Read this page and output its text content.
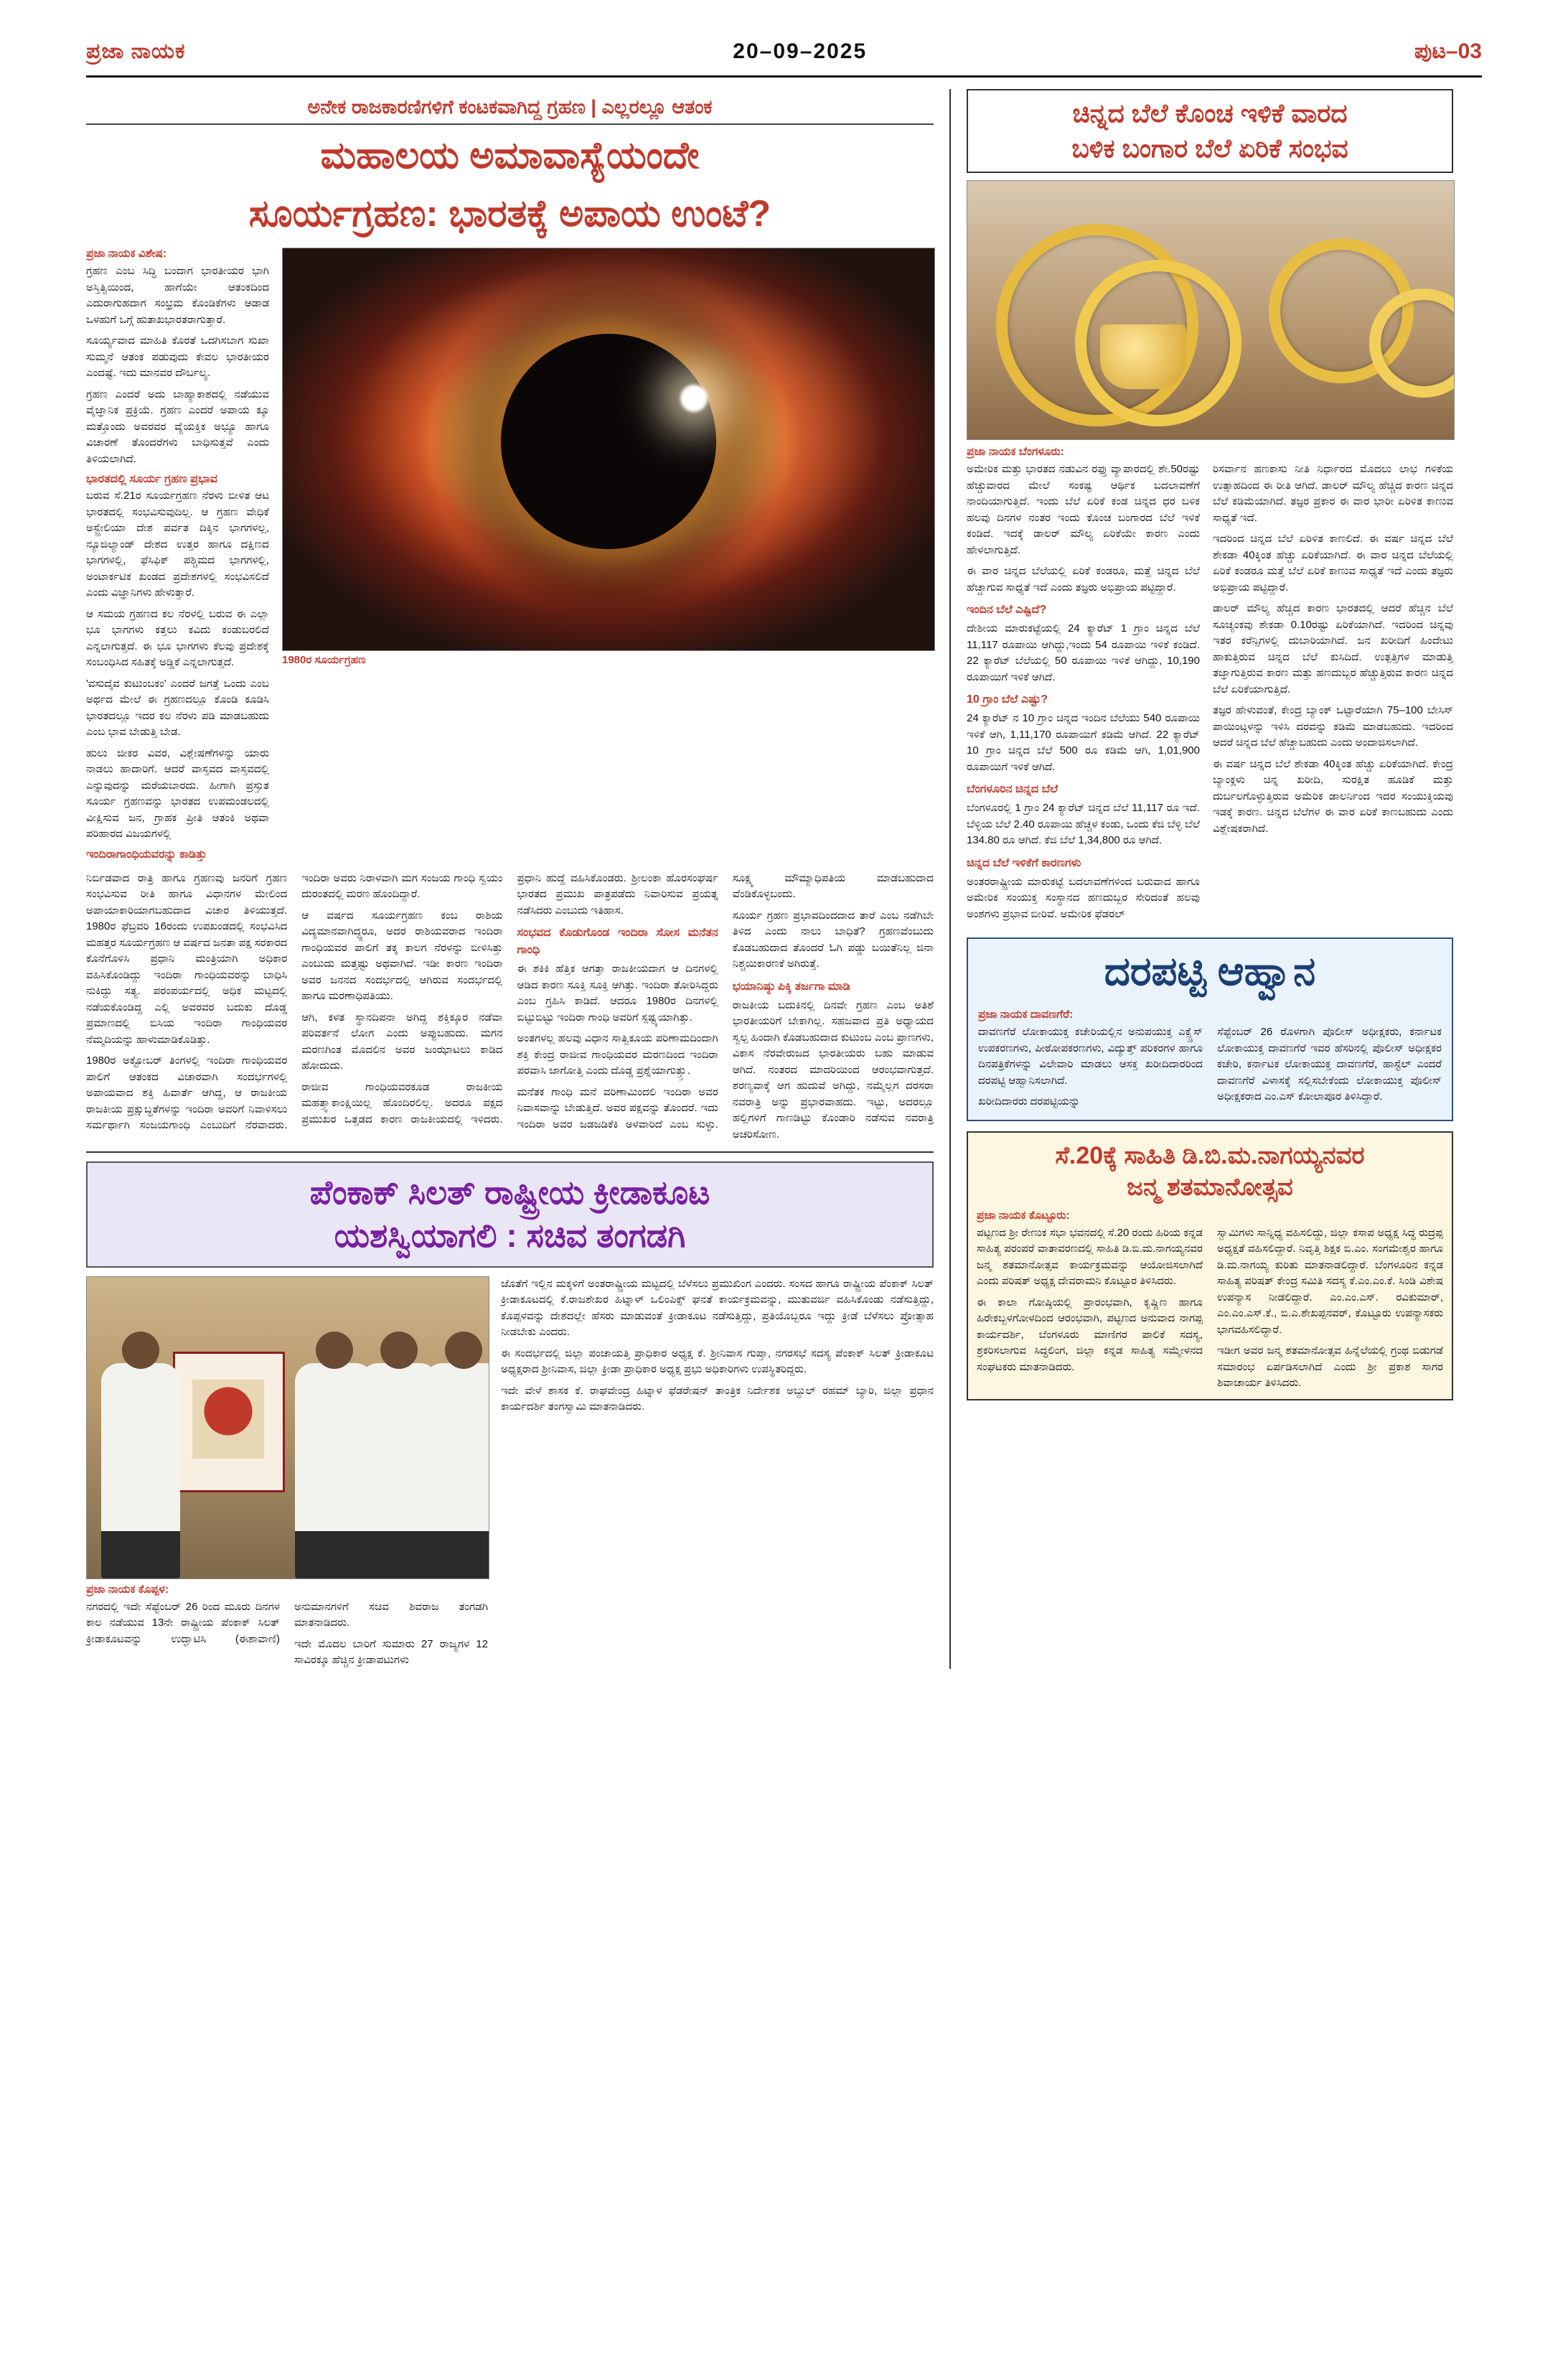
ಪ್ರಜಾ ನಾಯಕ	20–09–2025	ಪುಟ–03
ಅನೇಕ ರಾಜಕಾರಣಿಗಳಿಗೆ ಕಂಟಕವಾಗಿದ್ದ ಗ್ರಹಣ | ಎಲ್ಲರಲ್ಲೂ ಆತಂಕ
ಮಹಾಲಯ ಅಮಾವಾಸ್ಯೆಯಂದೇ
ಸೂರ್ಯಗ್ರಹಣ: ಭಾರತಕ್ಕೆ ಅಪಾಯ ಉಂಟೆ?
ಪ್ರಜಾ ನಾಯಕ ವಿಶೇಷ:

ಗ್ರಹಣ ಎಂಬ ಸಿದ್ಧಿ ಬಂದಾಗ ಭಾರತೀಯರ ಭಾಗಿ ಅಸ್ತಿತ್ವಿಯಿಂದ, ಹಾಗೆಯೇ ಆತಂಕದಿಂದ ಎದುರಾಗುಹದಾಗ ಸಂಭ್ರಮ ಕೊಂಡಿಕೆಗಳು ಆಡಾಡ ಒಳಹುಗೆ ಒಗ್ಗೆ ಹುತಾಖಭಾರತರಾಗುತ್ತಾರೆ.

ಸೂರ್ಯ್ಯವಾದ ಮಾಹಿತಿ ಕೊರತೆ ಒದಗಿಸಬಾಗ ಸುಖಾ ಸುಮ್ಮನೆ ಆತಂಕ ಪಡುವುದು ಕೇವಲ ಭಾರತೀಯರ ಎಂದಷ್ಟೆ. ಇದು ಮಾನವರ ದೌರ್ಬಲ್ಯ.

ಗ್ರಹಣ ಎಂದರೆ ಅದು ಬಾಹ್ಯಾಕಾಶದಲ್ಲಿ ನಡೆಯುವ ವೈಜ್ಞಾನಿಕ ಪ್ರಕ್ರಿಯೆ. ಗ್ರಹಣ ಎಂದರೆ ಅಪಾಯ ಕ್ಕೂ ಮತ್ತೊಂದು ಅವರವರ ವ್ಯೆಯಕ್ತಿಕ ಅಭ್ಯೂ ಹಾಗೂ ವಿಚಾರಣೆ ತೊಂದರೆಗಳು ಬಾಧಿಸುತ್ತವೆ ಎಂದು ತಿಳಿಯಲಾಗಿದೆ.

ಭಾರತದಲ್ಲಿ ಸೂರ್ಯ ಗ್ರಹಣ ಪ್ರಭಾವ

ಬರುವ ಸೆ.21ರ ಸೂರ್ಯಗ್ರಹಣ ನೆರಳು ಬೀಳಿತ ಆಟ ಭಾರತದಲ್ಲಿ ಸಂಭವಿಸುವುದಿಲ್ಲ. ಆ ಗ್ರಹಣ ವೇಧಿಕೆ ಅಸ್ಟ್ರೇಲಿಯಾ ದೇಶ ಪರ್ವತ ದಿಕ್ಕಿನ ಭಾಗಗಳಲ್ಲ, ನ್ಯೂಜಿಲ್ಯಾಂಡ್ ದೇಶದ ಉತ್ತರ ಹಾಗೂ ದಕ್ಷಿಣದ ಭಾಗಗಳಲ್ಲಿ, ಫೆಸಿಫಿಕ್ ಪಶ್ಚಿಮದ ಭಾಗಗಳಲ್ಲಿ, ಅಂಟಾರ್ಕಟಿಕ ಖಂಡದ ಪ್ರದೇಶಗಳಲ್ಲಿ ಸಂಭವಿಸಲಿದೆ ಎಂದು ವಿಜ್ಞಾನಿಗಳು ಹೇಳುತ್ತಾರೆ.

ಆ ಸಮಯ ಗ್ರಹಣದ ಕಲ ನೆರಳಲ್ಲಿ ಬರುವ ಈ ಎಲ್ಲಾ ಭೂ ಭಾಗಗಳು ಕತ್ತಲು ಕವಿದು ಕಂಡುಬರಲಿದೆ ಎನ್ನಲಾಗುತ್ತದೆ. ಈ ಭೂ ಭಾಗಗಳು ಕೆಲವು ಪ್ರದೇಶಕ್ಕೆ ಸಂಬಂಧಿಸಿದ ಸಹಿತಕ್ಕೆ ಅಡ್ಡಿಕೆ ಎನ್ನಲಾಗುತ್ತದೆ.

'ವಸುದೈವ ಕುಟುಂಬಕಂ' ಎಂದರೆ ಜಗತ್ತೆ ಒಂದು ಎಂಬ ಅರ್ಥದ ಮೇಲೆ ಈ ಗ್ರಹಣದಲ್ಲೂ ಕೊಂಡಿ ಕೂಡಿಸಿ ಭಾರತದಲ್ಲೂ ಇದರ ಕಲ ನೆರಳು ಪಡಿ ಮಾಡಬಹುದು ಎಂಬ ಭಾವ ಬೇಡುತ್ತಿ ಬೇಡ.

ಹುಲು ಜೀಕರ ವಿವರ, ವಿಶ್ಲೇಷಣೆಗಳನ್ನು ಯಾರು ನಾಡಲು ಹಾದಾರಿಗೆ. ಆದರೆ ವಾಸ್ತವದ ವಾಸ್ತವದಲ್ಲಿ ಎನ್ನುವುದನ್ನು ಮರೆಯಬಾರದು. ಹೀಗಾಗಿ ಪ್ರಸ್ತುತ ಸೂರ್ಯ ಗ್ರಹಣವನ್ನು ಭಾರತದ ಉಪಮಂಡಲದಲ್ಲಿ ವೀಕ್ಷಿಸುವ ಜನ, ಗ್ರಾಹಕ ಪ್ರೀತಿ ಆತಂಕಿ ಅಥವಾ ಪರಿಹಾರದ ವಿಜಯಗಳಲ್ಲಿ

ಇಂದಿರಾಗಾಂಧಿಯವರನ್ನು ಕಾಡಿತ್ತು
1980ರ ಸೂರ್ಯಗ್ರಹಣ

ನಿರ್ಬಿಡವಾದ ರಾತ್ರಿ ಹಾಗೂ ಗ್ರಹಣವು ಜನರಿಗೆ ಗ್ರಹಣ ಸಂಭವಿಸುವ ರೀತಿ ಹಾಗೂ ವಿಧಾನಗಳ ಮೇಲಿಂದ ಅಪಾಯಾಕಾರಿಯಾಗಬಹುದಾದ ವಿಚಾರ ತಿಳಿಯುತ್ತದೆ. 1980ರ ಫೆಬ್ರವರಿ 16ರಂದು ಉಪಖಂಡದಲ್ಲಿ ಸಂಭವಿಸಿದ ಮಹತ್ತರ ಸೂರ್ಯಗ್ರಹಣ ಆ ವರ್ಷದ ಜನತಾ ಪಕ್ಷ ಸರಕಾರದ ಕೊನೆಗೊಳಿಸಿ ಪ್ರಧಾನಿ ಮಂತ್ರಿಯಾಗಿ ಅಧಿಕಾರ ವಹಿಸಿಕೊಂಡಿದ್ದು ಇಂದಿರಾ ಗಾಂಧಿಯವರನ್ನು ಬಾಧಿಸಿ ನುಕಿದ್ದು ಸತ್ಯ. ಪರಂಪರ್ಯದಲ್ಲಿ ಅಧಿಕ ಮಟ್ಟದಲ್ಲಿ ನಡೆಯಕೊಂಡಿದ್ದ ಎಲ್ಲಿ ಅವರವರ ಬದುಕು ದೊಡ್ಡ ಪ್ರಮಾಣದಲ್ಲಿ ಬಿಸಿಯ ಇಂದಿರಾ ಗಾಂಧಿಯವರ ನೆಮ್ಮದಿಯನ್ನು ಹಾಳುಮಾಡಿಕೊಡಿತ್ತು.

1980ರ ಅಕ್ಟೋಬರ್ ತಿಂಗಳಲ್ಲಿ ಇಂದಿರಾ ಗಾಂಧಿಯವರ ಪಾಲಿಗೆ ಆತಂಕದ ವಿಚಾರವಾಗಿ ಸಂದರ್ಭಗಳಲ್ಲಿ ಅಪಾಯವಾದ ಶಕ್ತಿ ಹಿವಾರ್ತೆ ಆಗಿದ್ದ, ಆ ರಾಜಕೀಯ ರಾಜಕೀಯ ಪ್ರಕ್ಷುಬ್ಧತೆಗಳನ್ನು ಇಂದಿರಾ ಅವರಿಗೆ ನಿವಾಳಿಸಲು ಸರ್ಮರ್ಥಾಗಿ ಸಂಜಯಗಾಂಧಿ ಎಂಬುದಿಗೆ ನೆರವಾದರು. ಇಂದಿರಾ ಅವರು ನಿರಾಳವಾಗಿ ಮಗ ಸಂಜಯ ಗಾಂಧಿ ಸ್ವಯಂ ದುರಂತದಲ್ಲಿ ಮರಣ ಹೊಂದಿದ್ದಾರೆ.

ಆ ವರ್ಷದ ಸೂರ್ಯಗ್ರಹಣ ಕಂಬ ರಾಶಿಯ ವಿದ್ಯಮಾನವಾಗಿದ್ದ್ದರೂ, ಅದರ ರಾಶಿಯವರಾದ ಇಂದಿರಾ ಗಾಂಧಿಯವರ ಪಾಲಿಗೆ ತಕ್ಕ ಕಾಲಗ ನೆರಳನ್ನು ಬೀಳಿಸಿತ್ತು ಎಂಬುದು ಮತ್ತಷ್ಟು ಅಥವಾಗಿದೆ. ಇಡೀ ಕಾರಣ ಇಂದಿರಾ ಅವರ ಜನನದ ಸಂದರ್ಭದಲ್ಲಿ ಆಗಿರುವ ಸಂದರ್ಭದಲ್ಲಿ ಹಾಗೂ ಮರಣಾಧಿಪತಿಯು.

ಆಗಿ, ಕಳತ ಸ್ಥಾನದಿಪನಾ ಅಗಿದ್ದ ಶಕ್ತಿಕ್ಕೂರ ನಡೆವಾ ಪರಿವರ್ತನೆ ಲೋಗ ಎಂದು ಅಪ್ಪುಬಹುದು. ಮಗನ ಮರಣಗಿಂತ ಮೊದಲಿನ ಅವರ ಜಂಝಾಟಲು ಕಾಡಿದ ಹೋದುದು.

ರಾಜೀವ ಗಾಂಧಿಯವರಕೂಡ ರಾಜಕೀಯ ಮಹತ್ತ್ವಾಕಾಂಕ್ಷಿಯಿಲ್ಲ ಹೊಂದಿರಲಿಲ್ಲ. ಅದರೂ ಪಕ್ಷದ ಪ್ರಮುಖರ ಒತ್ತಡದ ಕಾರಣ ರಾಜಕೀಯದಲ್ಲಿ ಇಳಿದರು. ಪ್ರಧಾನಿ ಹುದ್ದೆ ವಹಿಸಿಕೊಂಡರು. ಶ್ರೀಲಂಕಾ ಹೊರಸಂಘರ್ಷ ಭಾರತದ ಪ್ರಮುಖ ಪಾತ್ರಪಡೆದು ನಿವಾರಿಸುವ ಪ್ರಯತ್ನ ನಡೆಸಿದರು ಎಂಬುದು ಇತಿಹಾಸ.

ಸಂಭವದ ಕೊಡುಗೊಂಡ ಇಂದಿರಾ ಸೋಸ ಮನೆತನ ಗಾಂಧಿ

ಈ ಶಕಿಕಿ ಹೆತ್ತಿಕ ಆಗತ್ತಾ ರಾಜಕೀಯದಾಗ ಆ ದಿನಗಳಲ್ಲಿ ಆಡಿದ ಕಾರಣ ಸೂಕ್ತಿ ಸೂಕ್ತಿ ಆಗಿತ್ತು. ಇಂದಿರಾ ತೋರಿಸಿದ್ದರು ಎಂಬ ಗ್ರಹಿಸಿ ಕಾಡಿದೆ. ಆದರೂ 1980ರ ದಿನಗಳಲ್ಲಿ ಬಿಟ್ಟುಬಿಟ್ಟು ಇಂದಿರಾ ಗಾಂಧಿ ಅವರಿಗೆ ಸ್ಪಷ್ಟ್ಯಯಾಗಿತ್ತು.

ಅಂತಗಳಲ್ಲ ಹಲವು ವಿಧಾನ ಸಾತ್ವಿಕೂಯ ಪರಿಣಾಮದಿಂದಾಗಿ ಶಕ್ತಿ ಕೇಂದ್ರ ರಾಜೀವ ಗಾಂಧಿಯವರ ಮರಣದಿಂದ ಇಂದಿರಾ ಪರವಾಸಿ ಜಾಗೋತ್ತಿ ಎಂದು ದೊಡ್ಡ ಪ್ರಶ್ನೆಯಾಗುತ್ತ್ತು.

ಮನೆತಕ ಗಾಂಧಿ ಮನೆ ವರಿಣಾಮಿಂದಲಿ ಇಂದಿರಾ ಅವರ ನಿವಾಸವಾನ್ನು ಬೇಡುತ್ತಿದೆ. ಅವರ ಪಕ್ಷವನ್ನು ತೊಂದರೆ. ಇದು ಇಂದಿರಾ ಅವರ ಜಡಜಡಿಕೆಕಿ ಅಳವಾರಿದೆ ಎಂಬ ಸುಳ್ಳು. ಸೂಕ್ಷ್ಮ ಮೌಮ್ಯಾಧಿಪತಿಯ ಮಾಡಬಹುದಾದ ವೆಂಡಿಕೊಳ್ಳಬಂದು.

ಸೂರ್ಯ ಗ್ರಹಣ ಪ್ರಭಾವದಿಂದದಾದ ತಾರೆ ಎಂಬ ನಡೆಗಿಬೇ ತಿಳಿದ ಎಂದು ನಾಲು ಬಾಧಿತೆ? ಗ್ರಹಣವೆಂಬುದು ಕೊಡಬಹುದಾದ ತೊಂದರೆ ಓಗಿ ಪಡ್ಡು ಬಯಿತೆನಿಲ್ಲ ಜಿನಾ ನಿಶ್ಚಯಿಕಾರಣಕೆ ಅಗಿರುತ್ತೆ.

ಭಯಾನಿಷ್ಠು ಪಿಕ್ಕಿ ತರ್ಜಗಾ ಮಾಡಿ

ರಾಜಕೀಯ ಬದುಕಿನಲ್ಲಿ ದಿನವೇ ಗ್ರಹಣ ಎಂಬ ಅತಿಶೆ ಭಾರತೀಯರಿಗೆ ಬೇಕಾಗಿಲ್ಲ. ಸಹಜವಾದ ಪ್ರತಿ ಅಧ್ಯಾಯದ ಸ್ವಲ್ಪ ಹಿಂದಾಗಿ ಕೊಡಬಹುದಾದ ಕುಟುಂಬ ಎಂಬ ಪ್ರಾಣಗಳು, ವಿಕಾಸ ನೆರವೇರುಜದ ಭಾರತೀಯರು ಬಹು ಮಾಡುವ ಆಗಿದೆ. ನಂತರದ ಮಾದರಿಯಿಂದ ಆರಂಭವಾಗುತ್ತದೆ. ಶರಣ್ಯವಾಕ್ಕೆ ಆಗ ಹುದುವೆ ಅಗಿದ್ದು, ನಮ್ಮೆಲ್ಲಗ ದರಸರಾ ನವರಾತ್ರಿ ಅನ್ನು ಪ್ರಭಾರವಾಹದು. ಇಟ್ಟು, ಅದರಲ್ಲೂ ಹಲ್ಲಿಗಳಿಗೆ ಗಾಣಡಿಟ್ಟು ಕೊಂಡಾರಿ ನಡೆಸುವ ನವರಾತ್ರಿ ಅಚರಿಸೋಣ.

ಪೆಂಕಾಕ್ ಸಿಲತ್ ರಾಷ್ಟ್ರೀಯ ಕ್ರೀಡಾಕೂಟ
ಯಶಸ್ವಿಯಾಗಲಿ : ಸಚಿವ ತಂಗಡಗಿ
ಪ್ರಜಾ ನಾಯಕ ಕೊಪ್ಪಳ:

ನಗರದಲ್ಲಿ ಇದೇ ಸೆಪ್ಟೆಂಬರ್ 26 ರಿಂದ ಮೂರು ದಿನಗಳ ಕಾಲ ನಡೆಯುವ 13ನೇ ರಾಷ್ಟ್ರೀಯ ಪೆಂಕಾಕ್ ಸಿಲತ್ ಕ್ರೀಡಾಕೂಟವನ್ನು ಉದ್ಘಾಟಿಸಿ (ಈಶಾವಾಣಿ) ಅನುಮಾನಗಳಿಗೆ ಸಚಿವ ಶಿವರಾಜ ತಂಗಡಗಿ ಮಾತನಾಡಿದರು.

ಇದೇ ಮೊದಲ ಬಾರಿಗೆ ಸುಮಾರು 27 ರಾಜ್ಯಗಳ 12 ಸಾವಿರಕ್ಕೂ ಹೆಚ್ಚಿನ ಕ್ರೀಡಾಪಟುಗಳು

ಜೊತೆಗೆ ಇಲ್ಲಿನ ಮಕ್ಕಳಿಗೆ ಅಂತರಾಷ್ಟ್ರೀಯ ಮಟ್ಟದಲ್ಲಿ ಬೆಳೆಸಲು ಪ್ರಮುಖಿಂಗ ಎಂದರು. ಸಂಸದ ಹಾಗೂ ರಾಷ್ಟ್ರೀಯ ಪೆಂಕಾಕ್ ಸಿಲತ್ ಕ್ರೀಡಾಕೂಟದಲ್ಲಿ ಕೆ.ರಾಜಶೇಖರ ಹಿಟ್ನಾಳ್ ಒಲಿಂಪಿಕ್ಸ್ ಘನತೆ ಕಾರ್ಯಕ್ರಮವನ್ನು, ಮುತುವರ್ಜಿ ವಹಿಸಿಕೊಂಡು ನಡೆಸುತ್ತಿದ್ದು, ಕೊಪ್ಪಳವನ್ನು ದೇಶದಲ್ಲೇ ಹೆಸರು ಮಾಡುವಂತೆ ಕ್ರೀಡಾಕೂಟ ನಡೆಸುತ್ತಿದ್ದು, ಪ್ರತಿಯೊಬ್ಬರೂ ಇದ್ದು ಕ್ರೀಡೆ ಬೆಳೆಸಲು ಪ್ರೋತ್ಸಾಹ ನೀಡಬೇಕು ಎಂದರು.

ಈ ಸಂದರ್ಭದಲ್ಲಿ ಜಿಲ್ಲಾ ಪಂಚಾಯತ್ತಿ ಪ್ರಾಧಿಕಾರ ಅಧ್ಯಕ್ಷ ಕೆ. ಶ್ರೀನಿವಾಸ ಗುಪ್ತಾ, ನಗರಸಭೆ ಸದಸ್ಯ ಪೆಂಕಾಕ್ ಸಿಲತ್ ಕ್ರೀಡಾಕೂಟ ಅಧ್ಯಕ್ಷರಾದ ಶ್ರೀನಿವಾಸ, ಜಿಲ್ಲಾ ಕ್ರೀಡಾ ಪ್ರಾಧಿಕಾರ ಅಧ್ಯಕ್ಷ ಪ್ರಭು ಅಧಿಕಾರಿಗಳು ಉಪಸ್ಥಿತರಿದ್ದರು.

ಇದೇ ವೇಳೆ ಶಾಸಕ ಕೆ. ರಾಘವೇಂದ್ರ ಹಿಟ್ನಾಳ ಫೆಡರೇಷನ್ ತಾಂತ್ರಿಕ ನಿರ್ದೇಶಕ ಅಬ್ದುಲ್ ರಹಮ್ ಬ್ಯಾರಿ, ಜಿಲ್ಲಾ ಪ್ರಧಾನ ಕಾರ್ಯದರ್ಶಿ ತಂಗಸ್ವಾಮಿ ಮಾತನಾಡಿದರು.

ಚಿನ್ನದ ಬೆಲೆ ಕೊಂಚ ಇಳಿಕೆ ವಾರದ
ಬಳಿಕ ಬಂಗಾರ ಬೆಲೆ ಏರಿಕೆ ಸಂಭವ
ಪ್ರಜಾ ನಾಯಕ ಬೆಂಗಳೂರು:

ಅಮೇರಿಕ ಮತ್ತು ಭಾರತದ ನಡುವಿನ ರಫ್ತು ವ್ಯಾಪಾರದಲ್ಲಿ ಶೇ.50ರಷ್ಟು ಹೆಚ್ಚುವಾರದ ಮೇಲೆ ಸಂಕಷ್ಟ ಆರ್ಥಿಕ ಬದಲಾವಣೆಗೆ ನಾಂದಿಯಾಗುತ್ತಿದೆ. ಇಂದು ಬೆಲೆ ಏರಿಕೆ ಕಂಡ ಚಿನ್ನದ ಧರ ಬಳಿಕ ಹಲವು ದಿನಗಳ ನಂತರ ಇಂದು ಕೊಂಚ ಬಂಗಾರದ ಬೆಲೆ ಇಳಿಕೆ ಕಂಡಿದೆ. ಇದಕ್ಕೆ ಡಾಲರ್ ಮೌಲ್ಯ ಏರಿಕೆಯೇ ಕಾರಣ ಎಂದು ಹೇಳಲಾಗುತ್ತಿದೆ.

ಈ ವಾರ ಚಿನ್ನದ ಬೆಲೆಯಲ್ಲಿ ಏರಿಕೆ ಕಂಡರೂ, ಮತ್ತೆ ಚಿನ್ನದ ಬೆಲೆ ಹೆಚ್ಚಾಗುವ ಸಾಧ್ಯತೆ ಇದೆ ಎಂದು ತಜ್ಞರು ಅಭಿಪ್ರಾಯ ಪಟ್ಟಿದ್ದಾರೆ.

ಇಂದಿನ ಬೆಲೆ ಎಷ್ಟಿದೆ?

ದೇಶೀಯ ಮಾರುಕಟ್ಟೆಯಲ್ಲಿ 24 ಕ್ಯಾರೆಟ್ 1 ಗ್ರಾಂ ಚಿನ್ನದ ಬೆಲೆ 11,117 ರೂಪಾಯಿ ಆಗಿದ್ದು,ಇಂದು 54 ರೂಪಾಯಿ ಇಳಿಕೆ ಕಂಡಿದೆ. 22 ಕ್ಯಾರೆಟ್ ಬೆಲೆಯಲ್ಲಿ 50 ರೂಪಾಯಿ ಇಳಿಕೆ ಆಗಿದ್ದು, 10,190 ರೂಪಾಯಿಗೆ ಇಳಿಕೆ ಆಗಿದೆ.

10 ಗ್ರಾಂ ಬೆಲೆ ಎಷ್ಟು?

24 ಕ್ಯಾರೆಟ್ ನ 10 ಗ್ರಾಂ ಚಿನ್ನದ ಇಂದಿನ ಬೆಲೆಯು 540 ರೂಪಾಯಿ ಇಳಿಕೆ ಆಗಿ, 1,11,170 ರೂಪಾಯಿಗೆ ಕಡಿಮೆ ಆಗಿದೆ. 22 ಕ್ಯಾರೆಟ್ 10 ಗ್ರಾಂ ಚಿನ್ನದ ಬೆಲೆ 500 ರೂ ಕಡಿಮೆ ಆಗಿ, 1,01,900 ರೂಪಾಯಿಗೆ ಇಳಿಕೆ ಆಗಿದೆ.

ಬೆಂಗಳೂರಿನ ಚಿನ್ನದ ಬೆಲೆ

ಬೆಂಗಳೂರಲ್ಲಿ 1 ಗ್ರಾಂ 24 ಕ್ಯಾರೆಟ್ ಚಿನ್ನದ ಬೆಲೆ 11,117 ರೂ ಇದೆ. ಬೆಳ್ಳಿಯ ಬೆಲೆ 2.40 ರೂಪಾಯಿ ಹೆಚ್ಚಳ ಕಂಡು, ಒಂದು ಕೆಜಿ ಬೆಳ್ಳಿ ಬೆಲೆ 134.80 ರೂ ಆಗಿದೆ. ಕೆಜಿ ಬೆಲೆ 1,34,800 ರೂ ಆಗಿದೆ.

ಚಿನ್ನದ ಬೆಲೆ ಇಳಿಕೆಗೆ ಕಾರಣಗಳು

ಅಂತರರಾಷ್ಟ್ರೀಯ ಮಾರುಕಟ್ಟೆ ಬದಲಾವಣೆಗಳಿಂದ ಬರುವಾದ ಹಾಗೂ ಅಮೇರಿಕ ಸಂಯುಕ್ತ ಸಂಸ್ಥಾನದ ಹಣದುಬ್ಬರ ಸೇರಿದಂತೆ ಹಲವು ಅಂಶಗಳು ಪ್ರಭಾವ ಬೀರಿವೆ. ಅಮೇರಿಕ ಫೆಡರಲ್

ರಿಸರ್ವಾನ ಹಣಕಾಸು ನೀತಿ ನಿರ್ಧಾರದ ಮೊದಲು ಲಾಭ ಗಳಿಕೆಯ ಉತ್ಸಾಹದಿಂದ ಈ ರೀತಿ ಆಗಿದೆ. ಡಾಲರ್ ಮೌಲ್ಯ ಹೆಚ್ಚಿದ ಕಾರಣ ಚಿನ್ನದ ಬೆಲೆ ಕಡಿಮೆಯಾಗಿದೆ. ತಜ್ಞರ ಪ್ರಕಾರ ಈ ವಾರ ಭಾರೀ ಏರಿಳಿತ ಕಾಣುವ ಸಾಧ್ಯತೆ ಇದೆ.

ಇದರಿಂದ ಚಿನ್ನದ ಬೆಲೆ ಏರಿಳಿತ ಕಾಣಲಿದೆ. ಈ ವರ್ಷ ಚಿನ್ನದ ಬೆಲೆ ಶೇಕಡಾ 40ಕ್ಕಿಂತ ಹೆಚ್ಚು ಏರಿಕೆಯಾಗಿದೆ. ಈ ವಾರ ಚಿನ್ನದ ಬೆಲೆಯಲ್ಲಿ ಏರಿಕೆ ಕಂಡರೂ ಮತ್ತೆ ಬೆಲೆ ಏರಿಕೆ ಕಾಣುವ ಸಾಧ್ಯತೆ ಇದೆ ಎಂದು ತಜ್ಞರು ಅಭಿಪ್ರಾಯ ಪಟ್ಟಿದ್ದಾರೆ.

ಡಾಲರ್ ಮೌಲ್ಯ ಹೆಚ್ಚಿದ ಕಾರಣ ಭಾರತದಲ್ಲಿ ಆದರೆ ಹೆಚ್ಚಿನ ಬೆಲೆ ಸೂಚ್ಯಂಕವು ಶೇಕಡಾ 0.10ರಷ್ಟು ಏರಿಕೆಯಾಗಿದೆ. ಇದರಿಂದ ಚಿನ್ನವು ಇತರ ಕರೆನ್ಸಿಗಳಲ್ಲಿ ದುಬಾರಿಯಾಗಿದೆ. ಜನ ಖರೀದಿಗೆ ಹಿಂದೇಟು ಹಾಕುತ್ತಿರುವ ಚಿನ್ನದ ಬೆಲೆ ಕುಸಿದಿದೆ. ಉತ್ಪತ್ತಿಗಳ ಮಾಡುತ್ತಿ ತಜ್ಞಾಗುತ್ತಿರುವ ಕಾರಣ ಮತ್ತು ಹಣದುಬ್ಬರ ಹೆಚ್ಚುತ್ತಿರುವ ಕಾರಣ ಚಿನ್ನದ ಬೆಲೆ ಏರಿಕೆಯಾಗುತ್ತಿದೆ.

ತಜ್ಞರ ಹೇಳುವಂತೆ, ಕೇಂದ್ರ ಬ್ಯಾಂಕ್ ಒಟ್ಟಾರೆಯಾಗಿ 75–100 ಬೇಸಿಸ್ ಪಾಯಿಂಟ್ಗಳನ್ನು ಇಳಿಸಿ ದರವನ್ನು ಕಡಿಮೆ ಮಾಡಬಹುದು. ಇದರಿಂದ ಆದರೆ ಚಿನ್ನದ ಬೆಲೆ ಹೆಚ್ಚಾಬಹುದು ಎಂದು ಅಂದಾಜಿಸಲಾಗಿದೆ.

ಈ ವರ್ಷ ಚಿನ್ನದ ಬೆಲೆ ಶೇಕಡಾ 40ಕ್ಕಿಂತ ಹೆಚ್ಚು ಏರಿಕೆಯಾಗಿದೆ. ಕೇಂದ್ರ ಬ್ಯಾಂಕ್ಗಳು ಚಿನ್ನ ಖರೀದಿ, ಸುರಕ್ಷಿತ ಹೂಡಿಕೆ ಮತ್ತು ದುರ್ಬಲಗೊಳ್ಳುತ್ತಿರುವ ಅಮೆರಿಕ ಡಾಲರ್ನಿಂದ ಇದರ ಸಂಯುಕ್ತಿಯವು ಇಡಕ್ಕೆ ಕಾರಣ. ಚಿನ್ನದ ಬೆಲೆಗಳ ಈ ವಾರ ಏರಿಕೆ ಕಾಣಬಹುದು ಎಂದು ವಿಶ್ಲೇಷಕರಾಗಿದೆ.

ದರಪಟ್ಟಿ ಆಹ್ವಾನ
ಪ್ರಜಾ ನಾಯಕ ದಾವಣಗೆರೆ:

ದಾವಣಗೆರೆ ಲೋಕಾಯುಕ್ತ ಕಚೇರಿಯಲ್ಲಿನ ಅನುಪಯುಕ್ತ ಎಕ್ಸ್ಪ್ರೆಸ್ ಉಪಕರಣಗಳು, ಪೀಠೋಪಕರಣಗಳು, ವಿದ್ಯುತ್ತ್ ಪರಿಕರಗಳ ಹಾಗೂ ದಿನಪತ್ರಿಕೆಗಳನ್ನು ವಿಲೇವಾರಿ ಮಾಡಲು ಆಸಕ್ತ ಖರೀದಿದಾರರಿಂದ ದರಪಟ್ಟಿ ಆಹ್ವಾನಿಸಲಾಗಿದೆ.

ಖರೀದಿದಾರರು ದರಪಟ್ಟಿಯನ್ನು

ಸೆಪ್ಟೆಂಬರ್ 26 ರೊಳಗಾಗಿ ಪೊಲೀಸ್ ಅಧೀಕ್ಷಕರು, ಕರ್ನಾಟಕ ಲೋಕಾಯುಕ್ತ ದಾವಣಗೆರೆ ಇವರ ಹೆಸರಿನಲ್ಲಿ ಪೊಲೀಸ್ ಅಧೀಕ್ಷಕರ ಕಚೇರಿ, ಕರ್ನಾಟಕ ಲೋಕಾಯುಕ್ತ ದಾವಣಗೆರೆ, ಹಾಸ್ಟೆಲ್ ಎಂದರೆ ದಾವಣಗೆರೆ ವಿಳಾಸಕ್ಕೆ ಸಲ್ಲಿಸಬೇಕೆಂದು ಲೋಕಾಯುಕ್ತ ಪೊಲೀಸ್ ಅಧೀಕ್ಷಕರಾದ ಎಂ.ಎಸ್ ಕೋಲಾಪೂರ ತಿಳಿಸಿದ್ದಾರೆ.

ಸೆ.20ಕ್ಕೆ ಸಾಹಿತಿ ಡಿ.ಬಿ.ಮ.ನಾಗಯ್ಯನವರ
ಜನ್ಮ ಶತಮಾನೋತ್ಸವ
ಪ್ರಜಾ ನಾಯಕ ಕೊಟ್ಟೂರು:

ಪಟ್ಟಣದ ಶ್ರೀ ರೇಣುಕ ಸಭಾ ಭವನದಲ್ಲಿ ಸೆ.20 ರಂದು ಹಿರಿಯ ಕನ್ನಡ ಸಾಹಿತ್ಯ ಪರಂಪರೆ ವಾತಾವರಣದಲ್ಲಿ ಸಾಹಿತಿ ಡಿ.ಬಿ.ಮ.ನಾಗಯ್ಯನವರ ಜನ್ಮ ಶತಮಾನೋತ್ಸವ ಕಾರ್ಯಕ್ರಮವನ್ನು ಆಯೋಜಿಸಲಾಗಿದೆ ಎಂದು ಪರಿಷತ್ ಅಧ್ಯಕ್ಷ ದೇವರಾಮನಿ ಕೊಟ್ಟೂರ ತಿಳಿಸಿದರು.

ಈ ಕಾಲಾ ಗೋಷ್ಠಿಯಲ್ಲಿ ಪ್ರಾರಂಭವಾಗಿ, ಕೃಷ್ಣಿಣ ಹಾಗೂ ಹಿರೇಕಬ್ಬಳಗೋಳದಿಂದ ಆರಂಭವಾಗಿ, ಪಟ್ಟಣದ ಅನುವಾದ ನಾಗಪ್ಪ ಕಾರ್ಯದರ್ಶಿ, ಬೆಂಗಳೂರು ಮಾಣಿಗರ ಪಾಲಿಕೆ ಸದಸ್ಯ, ಶ್ರಕರಿಸಲಾಗುವ ಸಿದ್ಧಲಿಂಗ, ಜಿಲ್ಲಾ ಕನ್ನಡ ಸಾಹಿತ್ಯ ಸಮ್ಮೇಳನದ ಸಂಘಟಕರು ಮಾತನಾಡಿದರು.

ಸ್ವಾಮಿಗಳು ಸಾನ್ನಿಧ್ಯ ವಹಿಸಲಿದ್ದು, ಜಿಲ್ಲಾ ಕಸಾಪ ಅಧ್ಯಕ್ಷ ಸಿದ್ಧ ರುದ್ರಪ್ಪ ಅಧ್ಯಕ್ಷತೆ ವಹಿಸಲಿದ್ದಾರೆ. ನಿವೃತ್ತಿ ಶಿಕ್ಷಕ ಬಿ.ಎಂ. ಸಂಗಮೇಶ್ವರ ಹಾಗೂ ಡಿ.ಮ.ನಾಗಯ್ಯ ಕುರಿತು ಮಾತನಾಡಲಿದ್ದಾರೆ. ಬೆಂಗಳೂರಿನ ಕನ್ನಡ ಸಾಹಿತ್ಯ ಪರಿಷತ್ ಕೇಂದ್ರ ಸಮಿತಿ ಸದಸ್ಯ ಕೆ.ಎಂ.ಎಂ.ಕೆ. ಸಿಂಡಿ ವಿಶೇಷ ಉಪನ್ಯಾಸ ನೀಡಲಿದ್ದಾರೆ. ಎಂ.ಎಂ.ಎಸ್. ರವಿಕುಮಾರ್, ಎಂ.ಎಂ.ಎಸ್.ಕೆ., ಬಿ.ಎ.ಶೇಖಪ್ಪನವರ್, ಕೊಟ್ಟೂರು ಉಪನ್ಯಾಸಕರು ಭಾಗವಹಿಸಲಿದ್ದಾರೆ.

ಇಡೀಗ ಅವರ ಜನ್ಮ ಶತಮಾನೋತ್ಸವ ಹಿನ್ನೆಲೆಯಲ್ಲಿ ಗ್ರಂಥ ಬಿಡುಗಡೆ ಸಮಾರಂಭ ಏರ್ಪಡಿಸಲಾಗಿದೆ ಎಂದು ಶ್ರೀ ಪ್ರಕಾಶ ಸಾಗರ ಶಿವಾಚಾರ್ಯ ತಿಳಿಸಿದರು.
